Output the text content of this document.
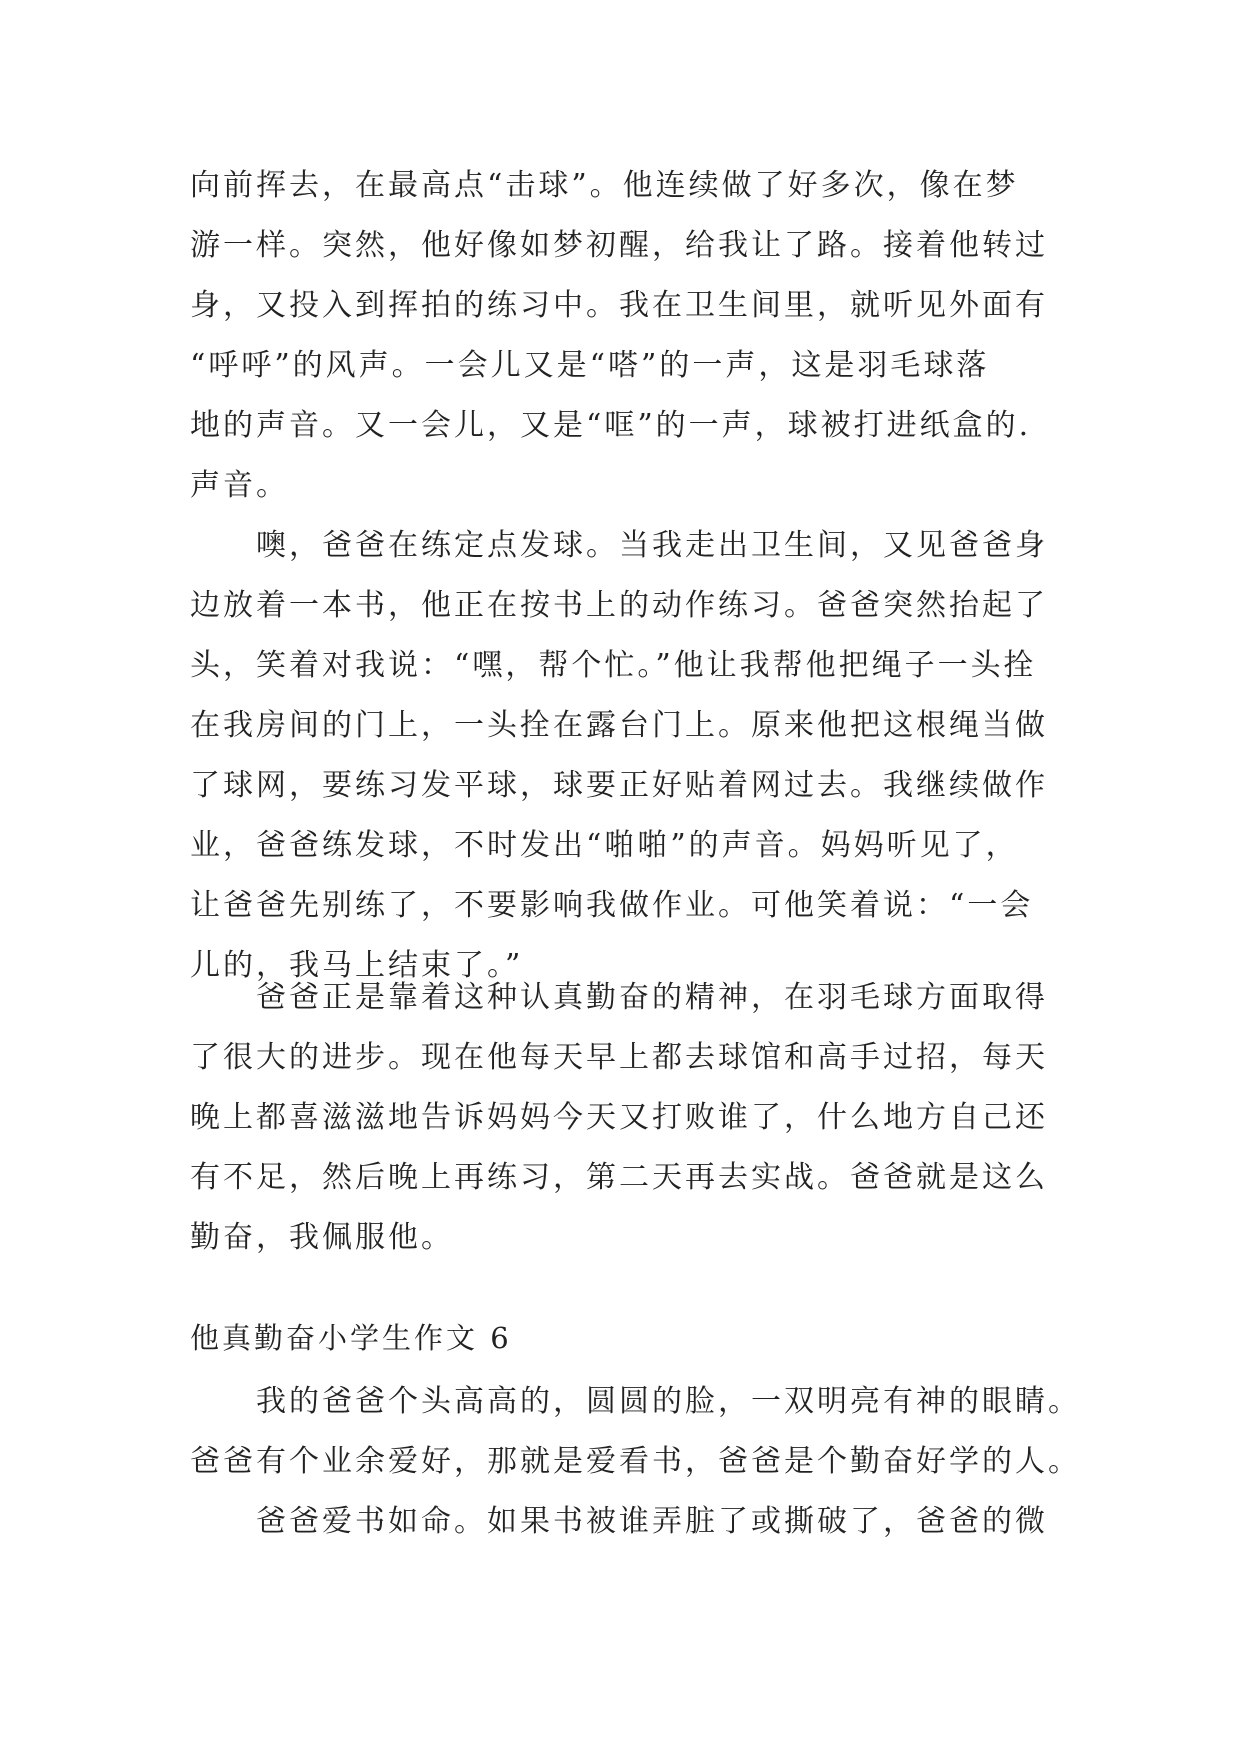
向前挥去，在最高点“击球”。他连续做了好多次，像在梦
游一样。突然，他好像如梦初醒，给我让了路。接着他转过
身，又投入到挥拍的练习中。我在卫生间里，就听见外面有
“呼呼”的风声。一会儿又是“嗒”的一声，这是羽毛球落
地的声音。又一会儿，又是“哐”的一声，球被打进纸盒的.
声音。
噢，爸爸在练定点发球。当我走出卫生间，又见爸爸身
边放着一本书，他正在按书上的动作练习。爸爸突然抬起了
头，笑着对我说：“嘿，帮个忙。”他让我帮他把绳子一头拴
在我房间的门上，一头拴在露台门上。原来他把这根绳当做
了球网，要练习发平球，球要正好贴着网过去。我继续做作
业，爸爸练发球，不时发出“啪啪”的声音。妈妈听见了，
让爸爸先别练了，不要影响我做作业。可他笑着说：“一会
儿的，我马上结束了。”
爸爸正是靠着这种认真勤奋的精神，在羽毛球方面取得
了很大的进步。现在他每天早上都去球馆和高手过招，每天
晚上都喜滋滋地告诉妈妈今天又打败谁了，什么地方自己还
有不足，然后晚上再练习，第二天再去实战。爸爸就是这么
勤奋，我佩服他。
他真勤奋小学生作文 6
我的爸爸个头高高的，圆圆的脸，一双明亮有神的眼睛。
爸爸有个业余爱好，那就是爱看书，爸爸是个勤奋好学的人。
爸爸爱书如命。如果书被谁弄脏了或撕破了，爸爸的微
